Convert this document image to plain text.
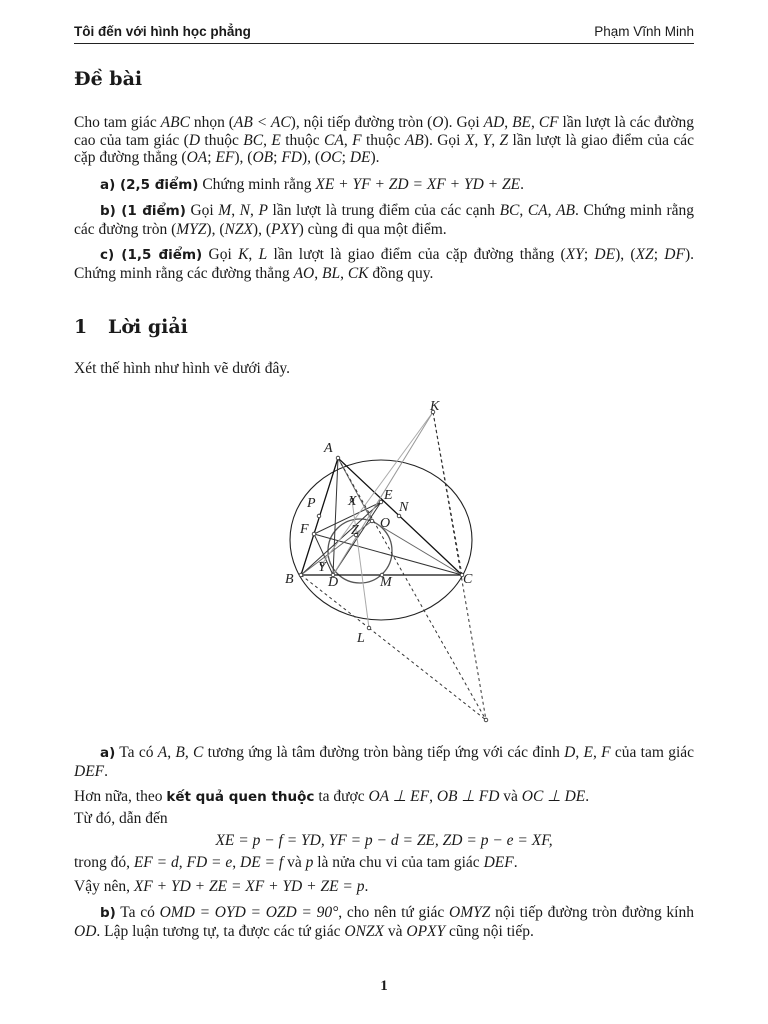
Tôi đến với hình học phẳng	Phạm Vĩnh Minh
Đề bài
Cho tam giác ABC nhọn (AB < AC), nội tiếp đường tròn (O). Gọi AD, BE, CF lần lượt là các đường cao của tam giác (D thuộc BC, E thuộc CA, F thuộc AB). Gọi X, Y, Z lần lượt là giao điểm của các cặp đường thẳng (OA; EF), (OB; FD), (OC; DE).
a) (2,5 điểm) Chứng minh rằng XE + YF + ZD = XF + YD + ZE.
b) (1 điểm) Gọi M, N, P lần lượt là trung điểm của các cạnh BC, CA, AB. Chứng minh rằng các đường tròn (MYZ), (NZX), (PXY) cùng đi qua một điểm.
c) (1,5 điểm) Gọi K, L lần lượt là giao điểm của cặp đường thẳng (XY; DE), (XZ; DF). Chứng minh rằng các đường thẳng AO, BL, CK đồng quy.
1 Lời giải
Xét thế hình như hình vẽ dưới đây.
K
A
P X E
N
F	O
Z
B
Y
D	M	C
L
a) Ta có A, B, C tương ứng là tâm đường tròn bàng tiếp ứng với các đỉnh D, E, F của tam giác DEF.
Hơn nữa, theo kết quả quen thuộc ta được OA ⊥ EF, OB ⊥ FD và OC ⊥ DE.
Từ đó, dẫn đến
XE = p − f = YD, YF = p − d = ZE, ZD = p − e = XF,
trong đó, EF = d, FD = e, DE = f và p là nửa chu vi của tam giác DEF.
Vậy nên, XF + YD + ZE = XF + YD + ZE = p.
b) Ta có OMD = OYD = OZD = 90°, cho nên tứ giác OMYZ nội tiếp đường tròn đường kính OD. Lập luận tương tự, ta được các tứ giác ONZX và OPXY cũng nội tiếp.
1
